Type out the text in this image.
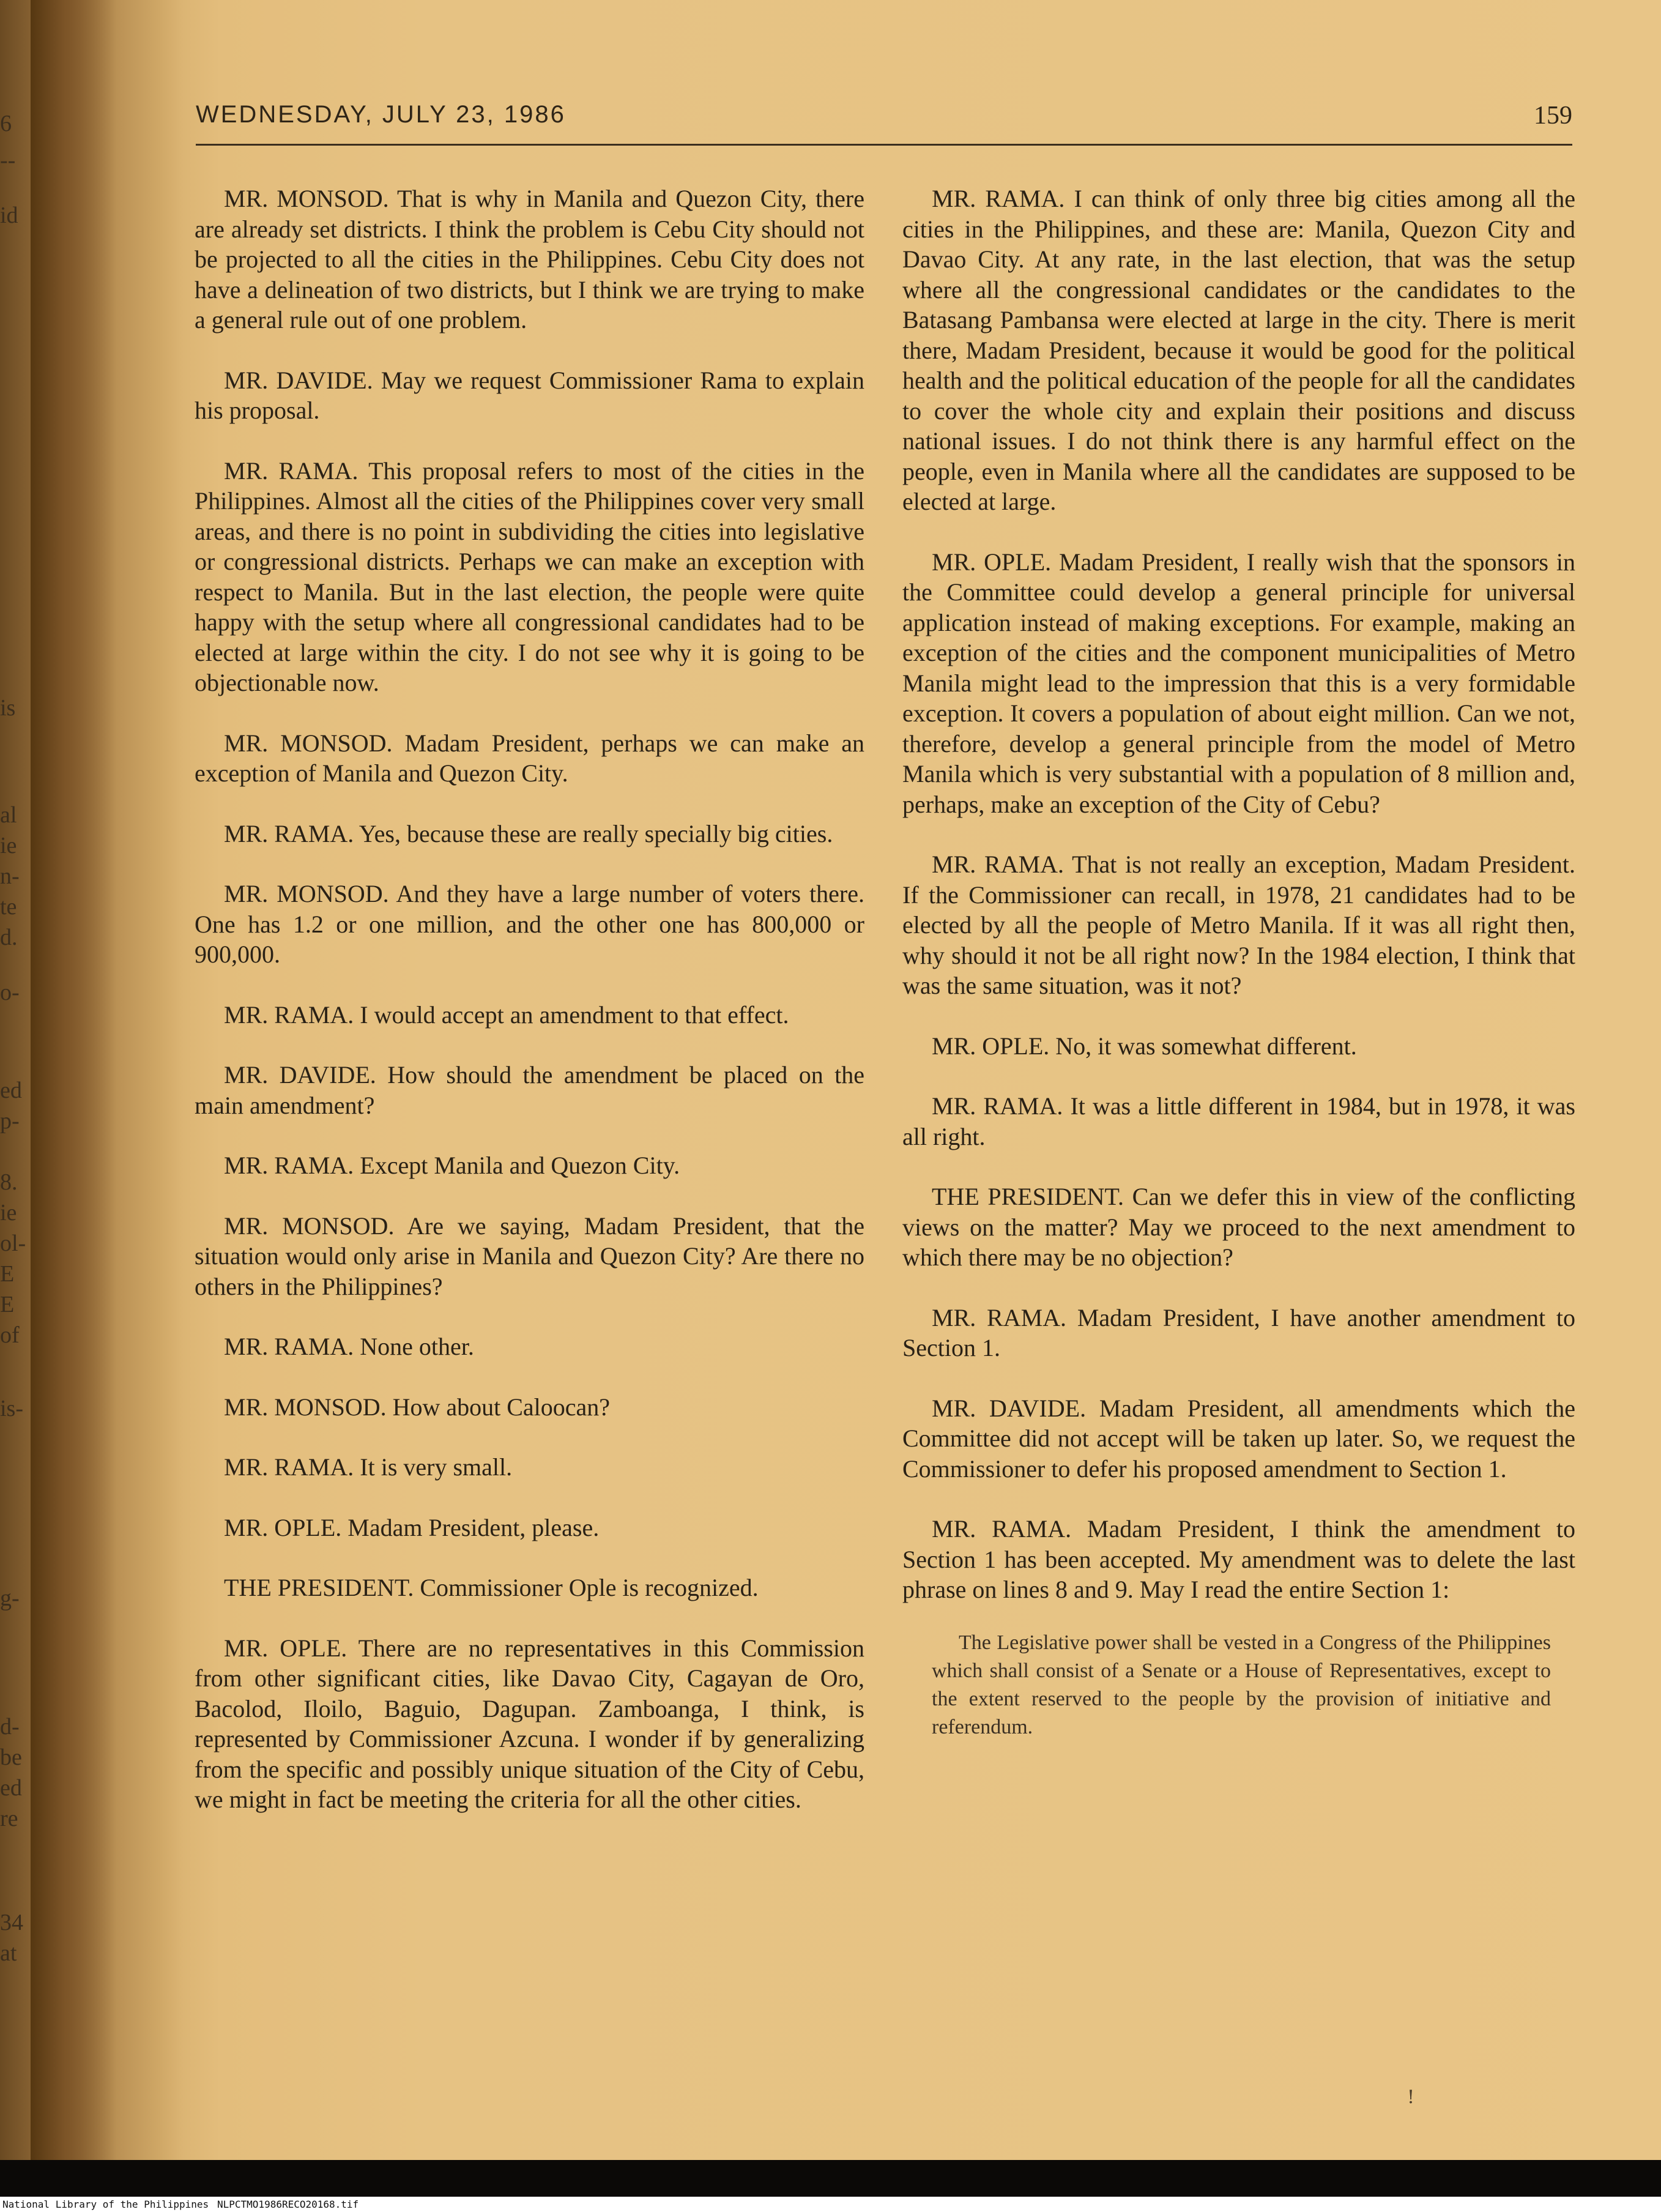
6
--
id
is
al
ie
n-
te
d.
o-
ed
p-
8.
ie
ol-
E
E
of
is-
g-
d-
be
ed
re
34
at
WEDNESDAY, JULY 23, 1986	159

MR. MONSOD. That is why in Manila and Quezon City, there are already set districts. I think the problem is Cebu City should not be projected to all the cities in the Philippines. Cebu City does not have a delineation of two districts, but I think we are trying to make a general rule out of one problem.

MR. DAVIDE. May we request Commissioner Rama to explain his proposal.

MR. RAMA. This proposal refers to most of the cities in the Philippines. Almost all the cities of the Philippines cover very small areas, and there is no point in subdividing the cities into legislative or congressional districts. Perhaps we can make an exception with respect to Manila. But in the last election, the people were quite happy with the setup where all congressional candidates had to be elected at large within the city. I do not see why it is going to be objectionable now.

MR. MONSOD. Madam President, perhaps we can make an exception of Manila and Quezon City.

MR. RAMA. Yes, because these are really specially big cities.

MR. MONSOD. And they have a large number of voters there. One has 1.2 or one million, and the other one has 800,000 or 900,000.

MR. RAMA. I would accept an amendment to that effect.

MR. DAVIDE. How should the amendment be placed on the main amendment?

MR. RAMA. Except Manila and Quezon City.

MR. MONSOD. Are we saying, Madam President, that the situation would only arise in Manila and Quezon City? Are there no others in the Philippines?

MR. RAMA. None other.

MR. MONSOD. How about Caloocan?

MR. RAMA. It is very small.

MR. OPLE. Madam President, please.

THE PRESIDENT. Commissioner Ople is recognized.

MR. OPLE. There are no representatives in this Commission from other significant cities, like Davao City, Cagayan de Oro, Bacolod, Iloilo, Baguio, Dagupan. Zamboanga, I think, is represented by Commissioner Azcuna. I wonder if by generalizing from the specific and possibly unique situation of the City of Cebu, we might in fact be meeting the criteria for all the other cities.

MR. RAMA. I can think of only three big cities among all the cities in the Philippines, and these are: Manila, Quezon City and Davao City. At any rate, in the last election, that was the setup where all the congressional candidates or the candidates to the Batasang Pambansa were elected at large in the city. There is merit there, Madam President, because it would be good for the political health and the political education of the people for all the candidates to cover the whole city and explain their positions and discuss national issues. I do not think there is any harmful effect on the people, even in Manila where all the candidates are supposed to be elected at large.

MR. OPLE. Madam President, I really wish that the sponsors in the Committee could develop a general principle for universal application instead of making exceptions. For example, making an exception of the cities and the component municipalities of Metro Manila might lead to the impression that this is a very formidable exception. It covers a population of about eight million. Can we not, therefore, develop a general principle from the model of Metro Manila which is very substantial with a population of 8 million and, perhaps, make an exception of the City of Cebu?

MR. RAMA. That is not really an exception, Madam President. If the Commissioner can recall, in 1978, 21 candidates had to be elected by all the people of Metro Manila. If it was all right then, why should it not be all right now? In the 1984 election, I think that was the same situation, was it not?

MR. OPLE. No, it was somewhat different.

MR. RAMA. It was a little different in 1984, but in 1978, it was all right.

THE PRESIDENT. Can we defer this in view of the conflicting views on the matter? May we proceed to the next amendment to which there may be no objection?

MR. RAMA. Madam President, I have another amendment to Section 1.

MR. DAVIDE. Madam President, all amendments which the Committee did not accept will be taken up later. So, we request the Commissioner to defer his proposed amendment to Section 1.

MR. RAMA. Madam President, I think the amendment to Section 1 has been accepted. My amendment was to delete the last phrase on lines 8 and 9. May I read the entire Section 1:

The Legislative power shall be vested in a Congress of the Philippines which shall consist of a Senate or a House of Representatives, except to the extent reserved to the people by the provision of initiative and referendum.

!
National Library of the Philippines NLPCTMO1986RECO20168.tif
